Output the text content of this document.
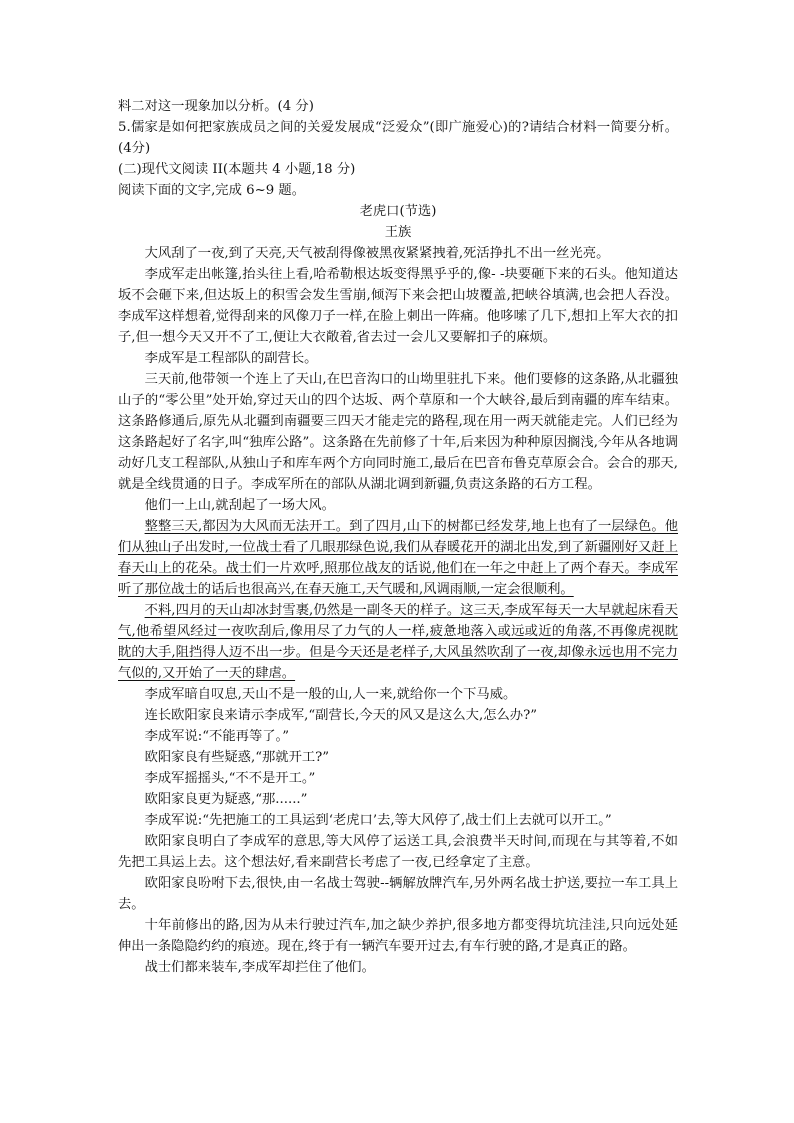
料二对这一现象加以分析。(4 分)

5.儒家是如何把家族成员之间的关爱发展成“泛爱众”(即广施爱心)的?请结合材料一简要分析。(4分)

(二)现代文阅读 II(本题共 4 小题,18 分)

阅读下面的文字,完成 6~9 题。

老虎口(节选)

王族

大风刮了一夜,到了天亮,天气被刮得像被黑夜紧紧拽着,死活挣扎不出一丝光亮。

李成军走出帐篷,抬头往上看,哈希勒根达坂变得黑乎乎的,像- -块要砸下来的石头。他知道达坂不会砸下来,但达坂上的积雪会发生雪崩,倾泻下来会把山坡覆盖,把峡谷填满,也会把人吞没。李成军这样想着,觉得刮来的风像刀子一样,在脸上刺出一阵痛。他哆嗦了几下,想扣上军大衣的扣子,但一想今天又开不了工,便让大衣敞着,省去过一会儿又要解扣子的麻烦。

李成军是工程部队的副营长。

三天前,他带领一个连上了天山,在巴音沟口的山坳里驻扎下来。他们要修的这条路,从北疆独山子的“零公里”处开始,穿过天山的四个达坂、两个草原和一个大峡谷,最后到南疆的库车结束。这条路修通后,原先从北疆到南疆要三四天才能走完的路程,现在用一两天就能走完。人们已经为这条路起好了名字,叫“独库公路”。这条路在先前修了十年,后来因为种种原因搁浅,今年从各地调动好几支工程部队,从独山子和库车两个方向同时施工,最后在巴音布鲁克草原会合。会合的那天,就是全线贯通的日子。李成军所在的部队从湖北调到新疆,负责这条路的石方工程。

他们一上山,就刮起了一场大风。

整整三天,都因为大风而无法开工。到了四月,山下的树都已经发芽,地上也有了一层绿色。他们从独山子出发时,一位战士看了几眼那绿色说,我们从春暖花开的湖北出发,到了新疆刚好又赶上春天山上的花朵。战士们一片欢呼,照那位战友的话说,他们在一年之中赶上了两个春天。李成军听了那位战士的话后也很高兴,在春天施工,天气暖和,风调雨顺,一定会很顺利。

不料,四月的天山却冰封雪裹,仍然是一副冬天的样子。这三天,李成军每天一大早就起床看天气,他希望风经过一夜吹刮后,像用尽了力气的人一样,疲惫地落入或远或近的角落,不再像虎视眈眈的大手,阻挡得人迈不出一步。但是今天还是老样子,大风虽然吹刮了一夜,却像永远也用不完力气似的,又开始了一天的肆虐。

李成军暗自叹息,天山不是一般的山,人一来,就给你一个下马威。

连长欧阳家良来请示李成军,“副营长,今天的风又是这么大,怎么办?”

李成军说:“不能再等了。”

欧阳家良有些疑惑,“那就开工?”

李成军摇摇头,“不不是开工。”

欧阳家良更为疑惑,“那......”

李成军说:“先把施工的工具运到‘老虎口’去,等大风停了,战士们上去就可以开工。”

欧阳家良明白了李成军的意思,等大风停了运送工具,会浪费半天时间,而现在与其等着,不如先把工具运上去。这个想法好,看来副营长考虑了一夜,已经拿定了主意。

欧阳家良吩咐下去,很快,由一名战士驾驶--辆解放牌汽车,另外两名战士护送,要拉一车工具上去。

十年前修出的路,因为从未行驶过汽车,加之缺少养护,很多地方都变得坑坑洼洼,只向远处延伸出一条隐隐约约的痕迹。现在,终于有一辆汽车要开过去,有车行驶的路,才是真正的路。

战士们都来装车,李成军却拦住了他们。
